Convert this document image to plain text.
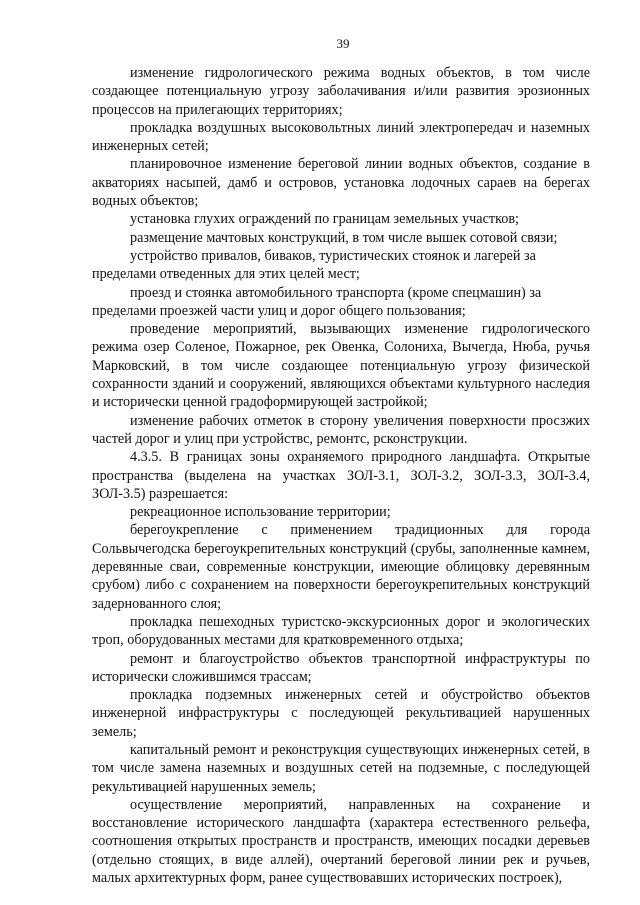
39

изменение гидрологического режима водных объектов, в том числе создающее потенциальную угрозу заболачивания и/или развития эрозионных процессов на прилегающих территориях;

прокладка воздушных высоковольтных линий электропередач и наземных инженерных сетей;

планировочное изменение береговой линии водных объектов, создание в акваториях насыпей, дамб и островов, установка лодочных сараев на берегах водных объектов;

установка глухих ограждений по границам земельных участков;

размещение мачтовых конструкций, в том числе вышек сотовой связи;

устройство привалов, биваков, туристических стоянок и лагерей за пределами отведенных для этих целей мест;

проезд и стоянка автомобильного транспорта (кроме спецмашин) за пределами проезжей части улиц и дорог общего пользования;

проведение мероприятий, вызывающих изменение гидрологического режима озер Соленое, Пожарное, рек Овенка, Солониха, Вычегда, Нюба, ручья Марковский, в том числе создающее потенциальную угрозу физической сохранности зданий и сооружений, являющихся объектами культурного наследия и исторически ценной градоформирующей застройкой;

изменение рабочих отметок в сторону увеличения поверхности просзжих частей дорог и улиц при устройствс, ремонтс, рсконструкции.

4.3.5. В границах зоны охраняемого природного ландшафта. Открытые пространства (выделена на участках ЗОЛ-3.1, ЗОЛ-3.2, ЗОЛ-3.3, ЗОЛ-3.4, ЗОЛ-3.5) разрешается:

рекреационное использование территории;

берегоукрепление с применением традиционных для города Сольвычегодска берегоукрепительных конструкций (срубы, заполненные камнем, деревянные сваи, современные конструкции, имеющие облицовку деревянным срубом) либо с сохранением на поверхности берегоукрепительных конструкций задернованного слоя;

прокладка пешеходных туристско-экскурсионных дорог и экологических троп, оборудованных местами для кратковременного отдыха;

ремонт и благоустройство объектов транспортной инфраструктуры по исторически сложившимся трассам;

прокладка подземных инженерных сетей и обустройство объектов инженерной инфраструктуры с последующей рекультивацией нарушенных земель;

капитальный ремонт и реконструкция существующих инженерных сетей, в том числе замена наземных и воздушных сетей на подземные, с последующей рекультивацией нарушенных земель;

осуществление мероприятий, направленных на сохранение и восстановление исторического ландшафта (характера естественного рельефа, соотношения открытых пространств и пространств, имеющих посадки деревьев (отдельно стоящих, в виде аллей), очертаний береговой линии рек и ручьев, малых архитектурных форм, ранее существовавших исторических построек),
